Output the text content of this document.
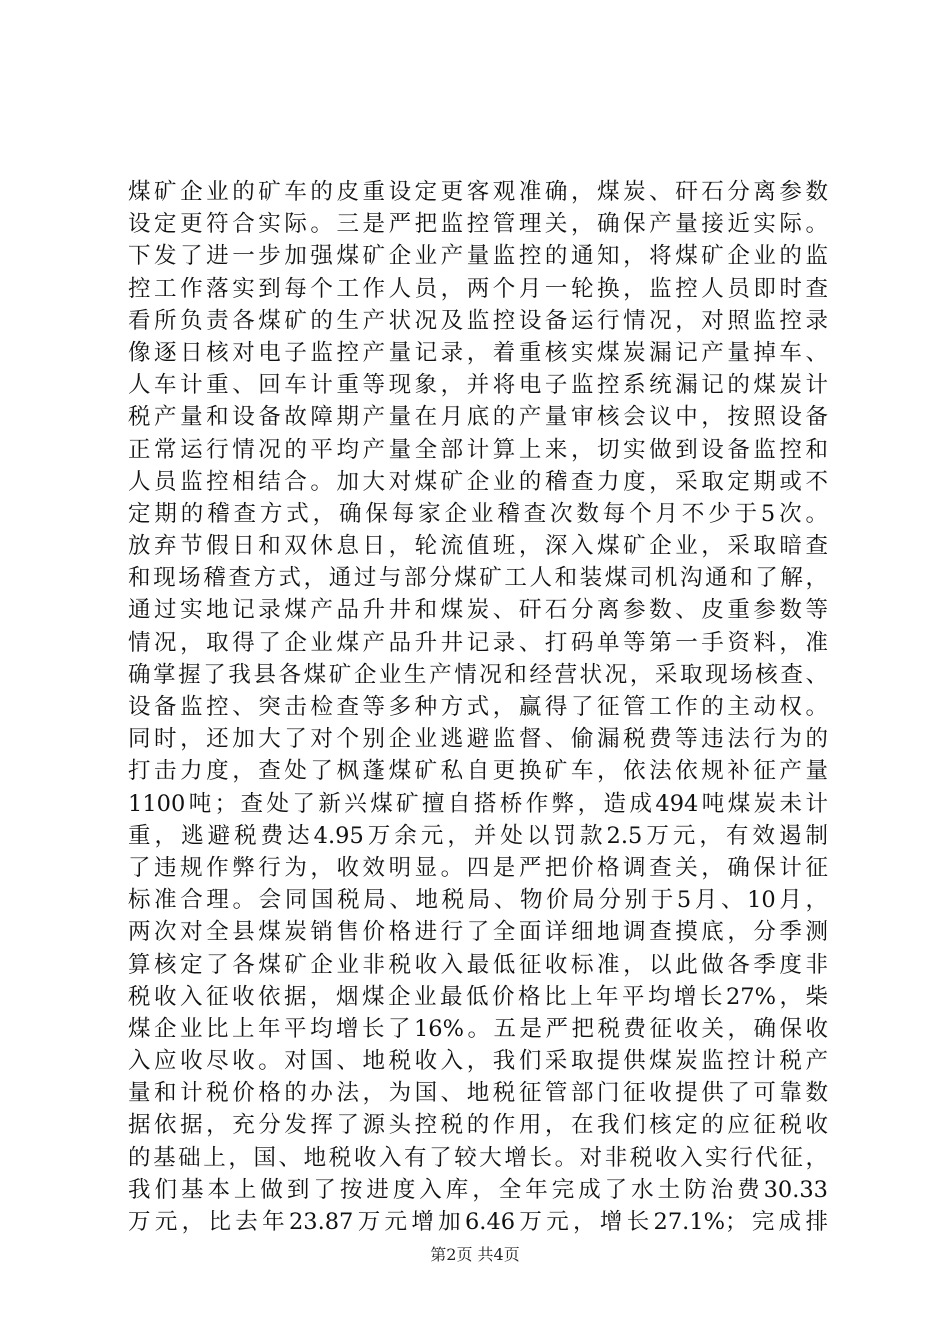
煤矿企业的矿车的皮重设定更客观准确，煤炭、矸石分离参数
设定更符合实际。三是严把监控管理关，确保产量接近实际。
下发了进一步加强煤矿企业产量监控的通知，将煤矿企业的监
控工作落实到每个工作人员，两个月一轮换，监控人员即时查
看所负责各煤矿的生产状况及监控设备运行情况，对照监控录
像逐日核对电子监控产量记录，着重核实煤炭漏记产量掉车、
人车计重、回车计重等现象，并将电子监控系统漏记的煤炭计
税产量和设备故障期产量在月底的产量审核会议中，按照设备
正常运行情况的平均产量全部计算上来，切实做到设备监控和
人员监控相结合。加大对煤矿企业的稽查力度，采取定期或不
定期的稽查方式，确保每家企业稽查次数每个月不少于5次。
放弃节假日和双休息日，轮流值班，深入煤矿企业，采取暗查
和现场稽查方式，通过与部分煤矿工人和装煤司机沟通和了解，
通过实地记录煤产品升井和煤炭、矸石分离参数、皮重参数等
情况，取得了企业煤产品升井记录、打码单等第一手资料，准
确掌握了我县各煤矿企业生产情况和经营状况，采取现场核查、
设备监控、突击检查等多种方式，赢得了征管工作的主动权。
同时，还加大了对个别企业逃避监督、偷漏税费等违法行为的
打击力度，查处了枫蓬煤矿私自更换矿车，依法依规补征产量
1100吨；查处了新兴煤矿擅自搭桥作弊，造成494吨煤炭未计
重，逃避税费达4.95万余元，并处以罚款2.5万元，有效遏制
了违规作弊行为，收效明显。四是严把价格调查关，确保计征
标准合理。会同国税局、地税局、物价局分别于5月、10月，
两次对全县煤炭销售价格进行了全面详细地调查摸底，分季测
算核定了各煤矿企业非税收入最低征收标准，以此做各季度非
税收入征收依据，烟煤企业最低价格比上年平均增长27%，柴
煤企业比上年平均增长了16%。五是严把税费征收关，确保收
入应收尽收。对国、地税收入，我们采取提供煤炭监控计税产
量和计税价格的办法，为国、地税征管部门征收提供了可靠数
据依据，充分发挥了源头控税的作用，在我们核定的应征税收
的基础上，国、地税收入有了较大增长。对非税收入实行代征，
我们基本上做到了按进度入库，全年完成了水土防治费30.33
万元，比去年23.87万元增加6.46万元，增长27.1%；完成排
第2页 共4页
